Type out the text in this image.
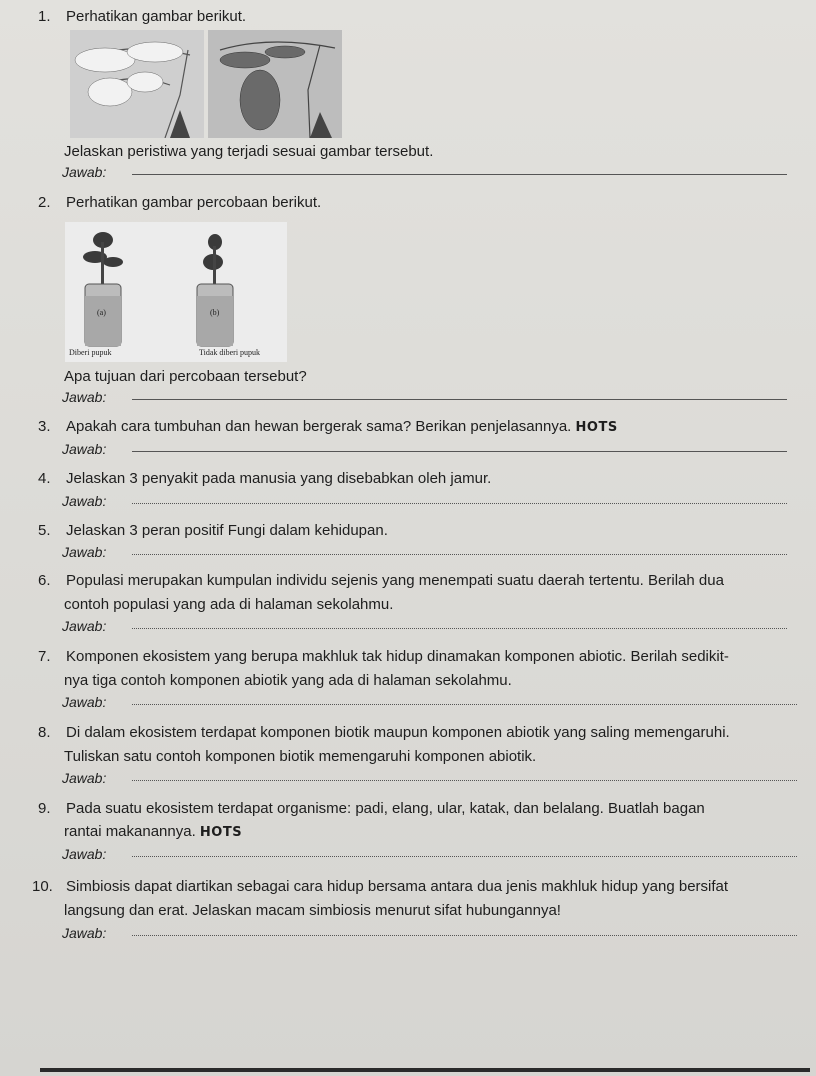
1. Perhatikan gambar berikut.
Jelaskan peristiwa yang terjadi sesuai gambar tersebut.
Jawab:
2. Perhatikan gambar percobaan berikut.
(a)	(b)
Diberi pupuk	Tidak diberi pupuk
Apa tujuan dari percobaan tersebut?
Jawab:
3. Apakah cara tumbuhan dan hewan bergerak sama? Berikan penjelasannya. HOTS
Jawab:
4. Jelaskan 3 penyakit pada manusia yang disebabkan oleh jamur.
Jawab:
5. Jelaskan 3 peran positif Fungi dalam kehidupan.
Jawab:
6. Populasi merupakan kumpulan individu sejenis yang menempati suatu daerah tertentu. Berilah dua
contoh populasi yang ada di halaman sekolahmu.
Jawab:
7. Komponen ekosistem yang berupa makhluk tak hidup dinamakan komponen abiotic. Berilah sedikit-
nya tiga contoh komponen abiotik yang ada di halaman sekolahmu.
Jawab:
8. Di dalam ekosistem terdapat komponen biotik maupun komponen abiotik yang saling memengaruhi.
Tuliskan satu contoh komponen biotik memengaruhi komponen abiotik.
Jawab:
9. Pada suatu ekosistem terdapat organisme: padi, elang, ular, katak, dan belalang. Buatlah bagan
rantai makanannya. HOTS
Jawab:
10. Simbiosis dapat diartikan sebagai cara hidup bersama antara dua jenis makhluk hidup yang bersifat
langsung dan erat. Jelaskan macam simbiosis menurut sifat hubungannya!
Jawab:
